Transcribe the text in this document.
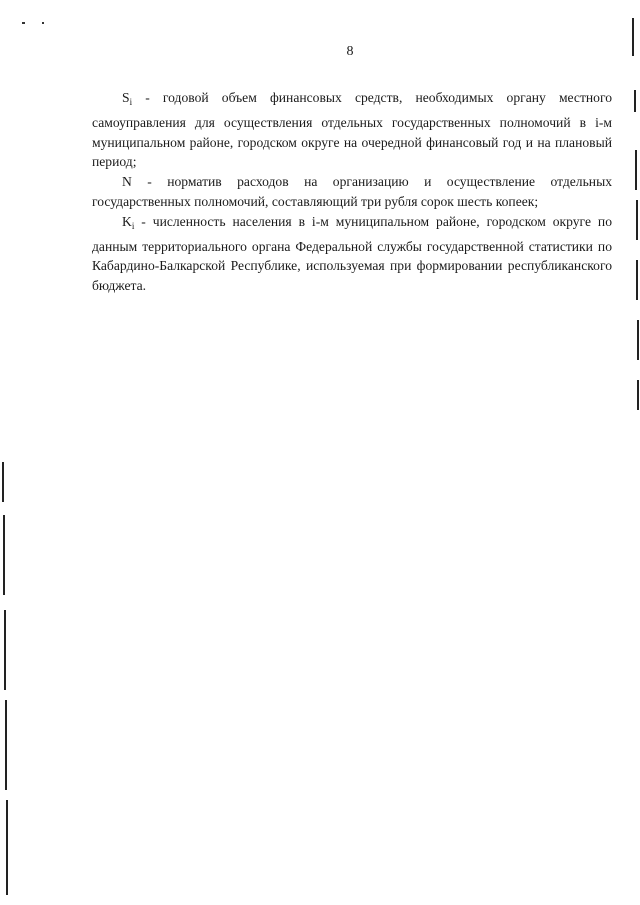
8

$S_i$ - годовой объем финансовых средств, необходимых органу местного самоуправления для осуществления отдельных государственных полномочий в i-м муниципальном районе, городском округе на очередной финансовый год и на плановый период;

N - норматив расходов на организацию и осуществление отдельных государственных полномочий, составляющий три рубля сорок шесть копеек;

$K_i$ - численность населения в i-м муниципальном районе, городском округе по данным территориального органа Федеральной службы государственной статистики по Кабардино-Балкарской Республике, используемая при формировании республиканского бюджета.
